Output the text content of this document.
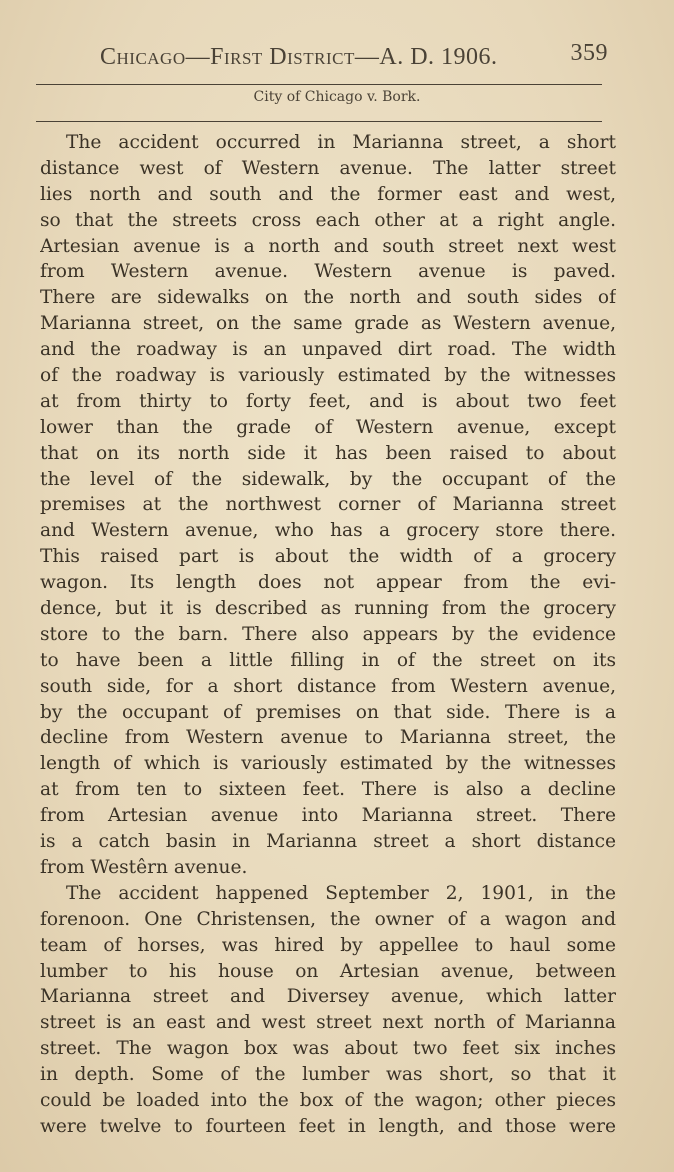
Chicago—First District—A. D. 1906.	359
City of Chicago v. Bork.
The accident occurred in Marianna street, a short
distance west of Western avenue. The latter street
lies north and south and the former east and west,
so that the streets cross each other at a right angle.
Artesian avenue is a north and south street next west
from Western avenue. Western avenue is paved.
There are sidewalks on the north and south sides of
Marianna street, on the same grade as Western avenue,
and the roadway is an unpaved dirt road. The width
of the roadway is variously estimated by the witnesses
at from thirty to forty feet, and is about two feet
lower than the grade of Western avenue, except
that on its north side it has been raised to about
the level of the sidewalk, by the occupant of the
premises at the northwest corner of Marianna street
and Western avenue, who has a grocery store there.
This raised part is about the width of a grocery
wagon. Its length does not appear from the evi-
dence, but it is described as running from the grocery
store to the barn. There also appears by the evidence
to have been a little filling in of the street on its
south side, for a short distance from Western avenue,
by the occupant of premises on that side. There is a
decline from Western avenue to Marianna street, the
length of which is variously estimated by the witnesses
at from ten to sixteen feet. There is also a decline
from Artesian avenue into Marianna street. There
is a catch basin in Marianna street a short distance
from Westêrn avenue.
The accident happened September 2, 1901, in the
forenoon. One Christensen, the owner of a wagon and
team of horses, was hired by appellee to haul some
lumber to his house on Artesian avenue, between
Marianna street and Diversey avenue, which latter
street is an east and west street next north of Marianna
street. The wagon box was about two feet six inches
in depth. Some of the lumber was short, so that it
could be loaded into the box of the wagon; other pieces
were twelve to fourteen feet in length, and those were
